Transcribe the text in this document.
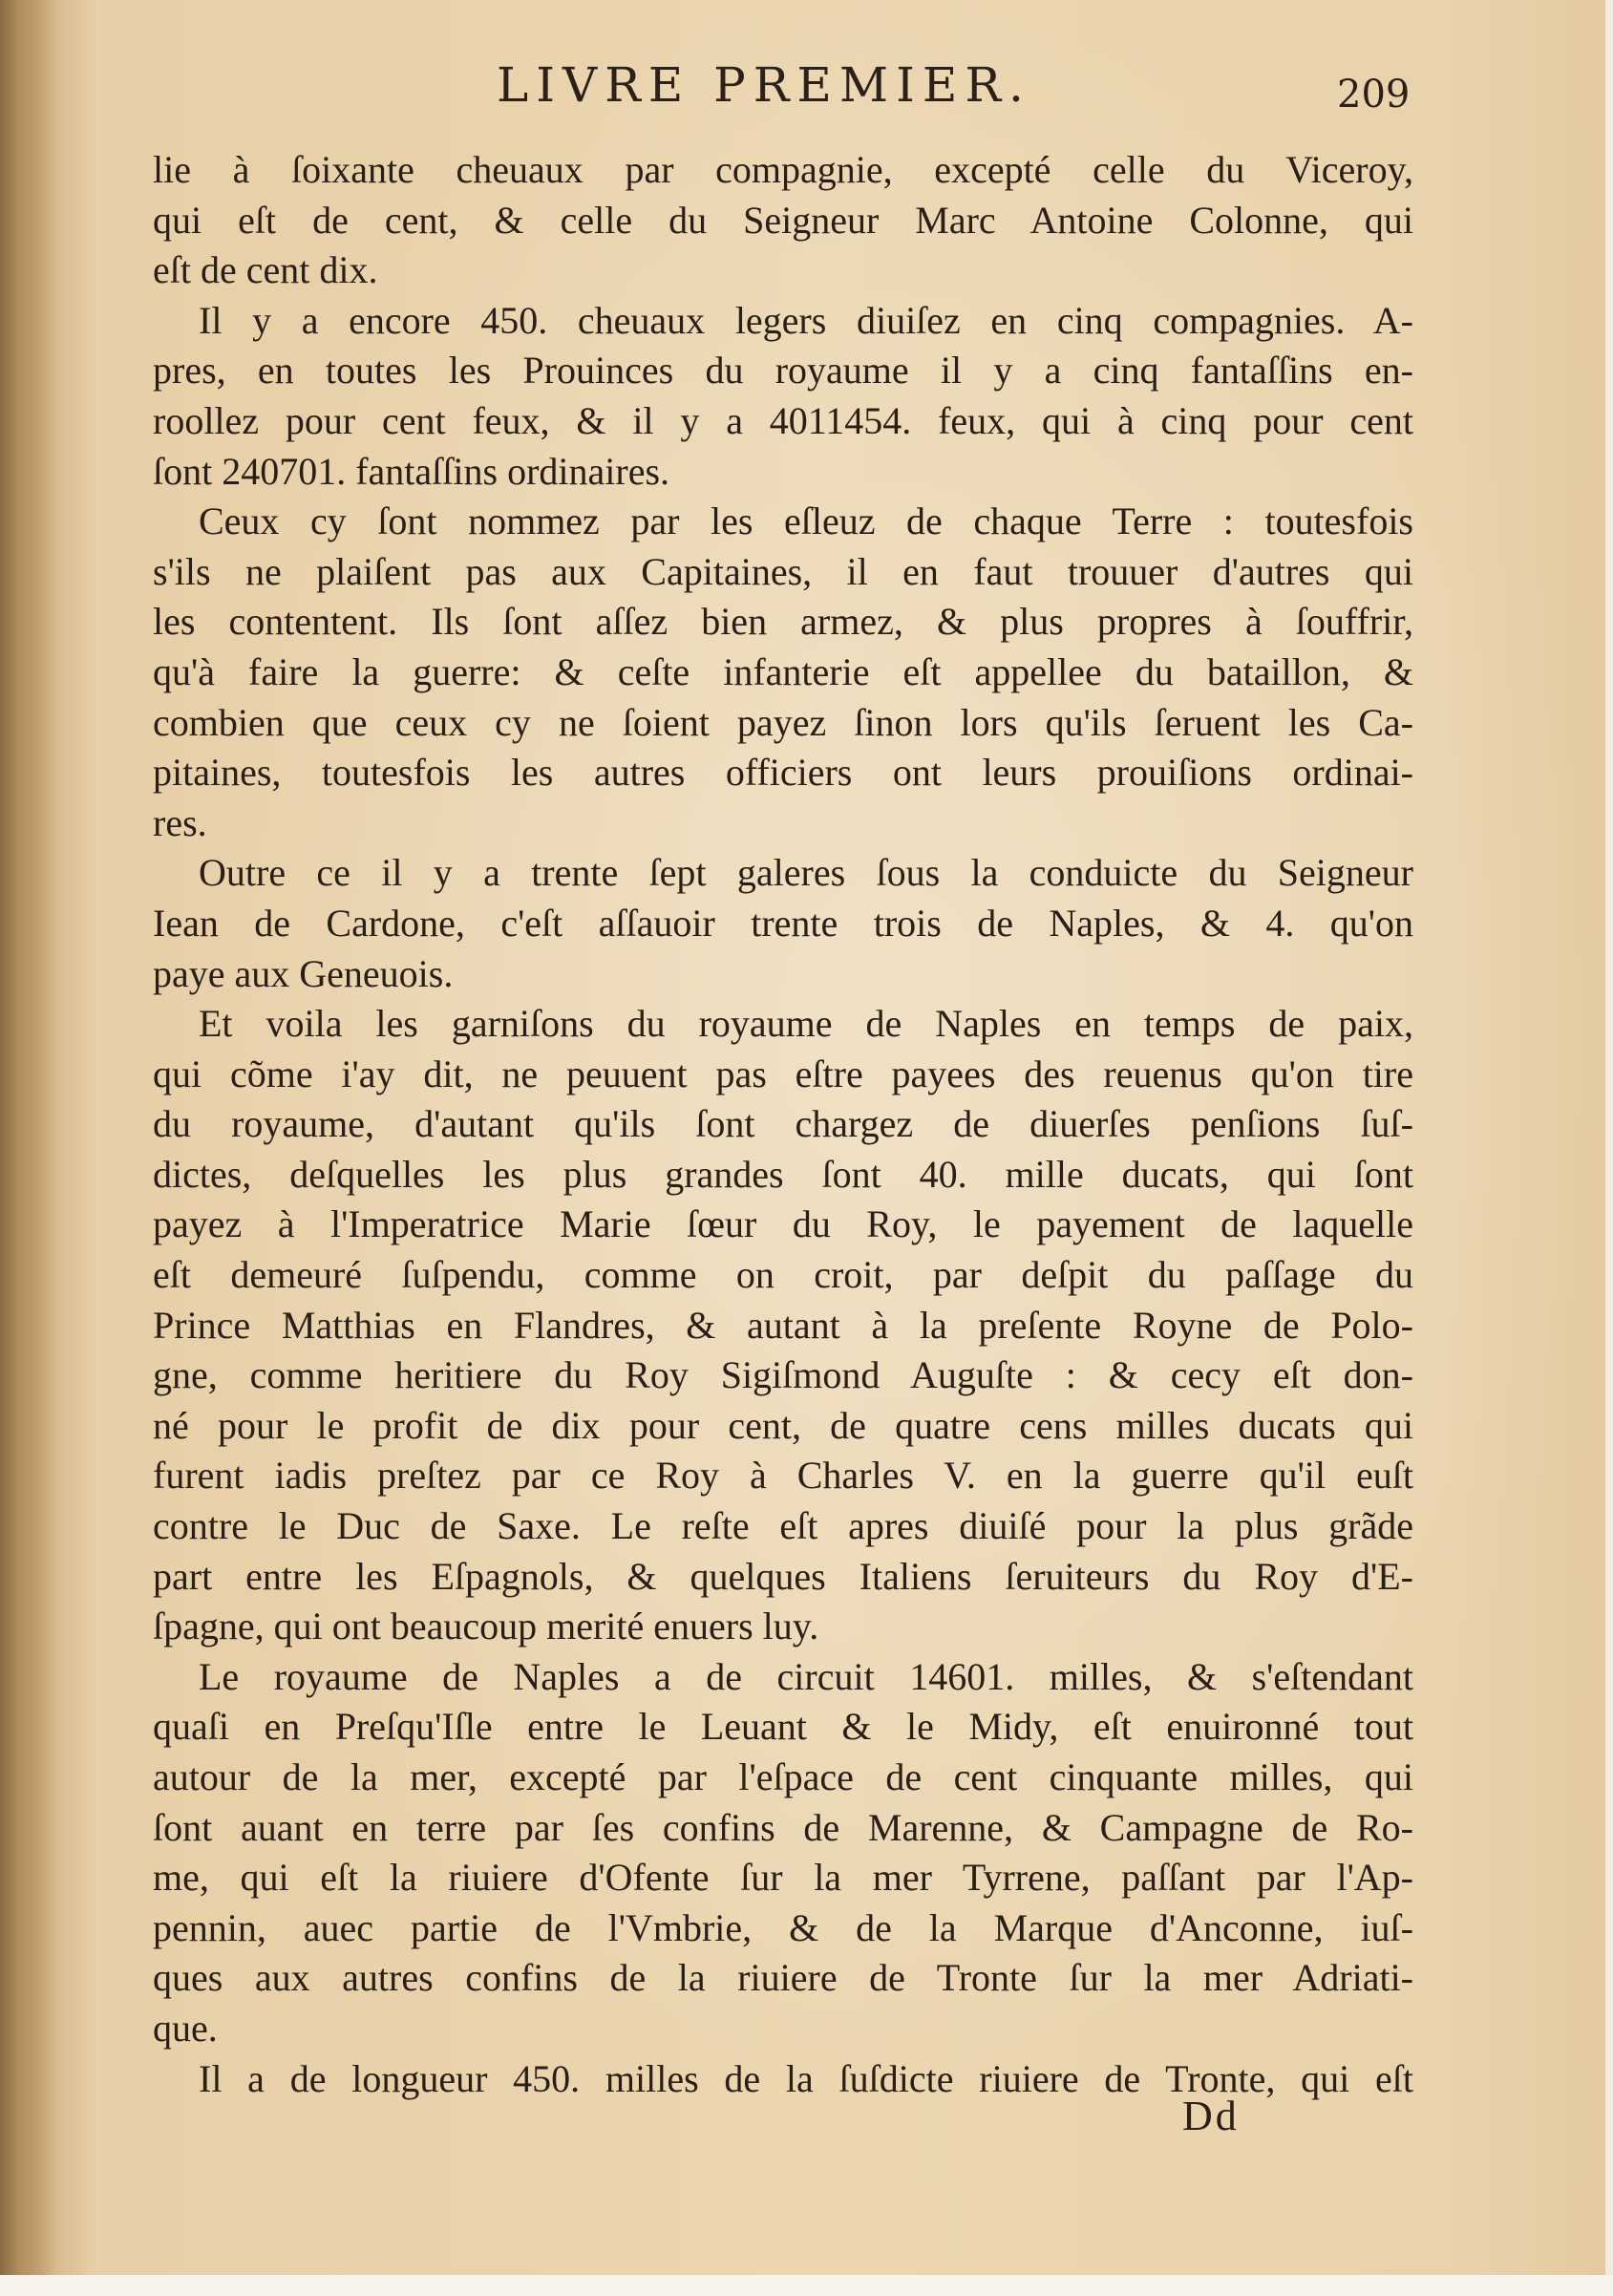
LIVRE PREMIER.	209
lie à ſoixante cheuaux par compagnie, excepté celle du Viceroy,
qui eſt de cent, & celle du Seigneur Marc Antoine Colonne, qui
eſt de cent dix.
Il y a encore 450. cheuaux legers diuiſez en cinq compagnies. A-
pres, en toutes les Prouinces du royaume il y a cinq fantaſſins en-
roollez pour cent feux, & il y a 4011454. feux, qui à cinq pour cent
ſont 240701. fantaſſins ordinaires.
Ceux cy ſont nommez par les eſleuz de chaque Terre : toutesfois
s'ils ne plaiſent pas aux Capitaines, il en faut trouuer d'autres qui
les contentent. Ils ſont aſſez bien armez, & plus propres à ſouffrir,
qu'à faire la guerre: & ceſte infanterie eſt appellee du bataillon, &
combien que ceux cy ne ſoient payez ſinon lors qu'ils ſeruent les Ca-
pitaines, toutesfois les autres officiers ont leurs prouiſions ordinai-
res.
Outre ce il y a trente ſept galeres ſous la conduicte du Seigneur
Iean de Cardone, c'eſt aſſauoir trente trois de Naples, & 4. qu'on
paye aux Geneuois.
Et voila les garniſons du royaume de Naples en temps de paix,
qui cõme i'ay dit, ne peuuent pas eſtre payees des reuenus qu'on tire
du royaume, d'autant qu'ils ſont chargez de diuerſes penſions ſuſ-
dictes, deſquelles les plus grandes ſont 40. mille ducats, qui ſont
payez à l'Imperatrice Marie ſœur du Roy, le payement de laquelle
eſt demeuré ſuſpendu, comme on croit, par deſpit du paſſage du
Prince Matthias en Flandres, & autant à la preſente Royne de Polo-
gne, comme heritiere du Roy Sigiſmond Auguſte : & cecy eſt don-
né pour le profit de dix pour cent, de quatre cens milles ducats qui
furent iadis preſtez par ce Roy à Charles V. en la guerre qu'il euſt
contre le Duc de Saxe. Le reſte eſt apres diuiſé pour la plus grãde
part entre les Eſpagnols, & quelques Italiens ſeruiteurs du Roy d'E-
ſpagne, qui ont beaucoup merité enuers luy.
Le royaume de Naples a de circuit 14601. milles, & s'eſtendant
quaſi en Preſqu'Iſle entre le Leuant & le Midy, eſt enuironné tout
autour de la mer, excepté par l'eſpace de cent cinquante milles, qui
ſont auant en terre par ſes confins de Marenne, & Campagne de Ro-
me, qui eſt la riuiere d'Ofente ſur la mer Tyrrene, paſſant par l'Ap-
pennin, auec partie de l'Vmbrie, & de la Marque d'Anconne, iuſ-
ques aux autres confins de la riuiere de Tronte ſur la mer Adriati-
que.
Il a de longueur 450. milles de la ſuſdicte riuiere de Tronte, qui eſt
Dd
